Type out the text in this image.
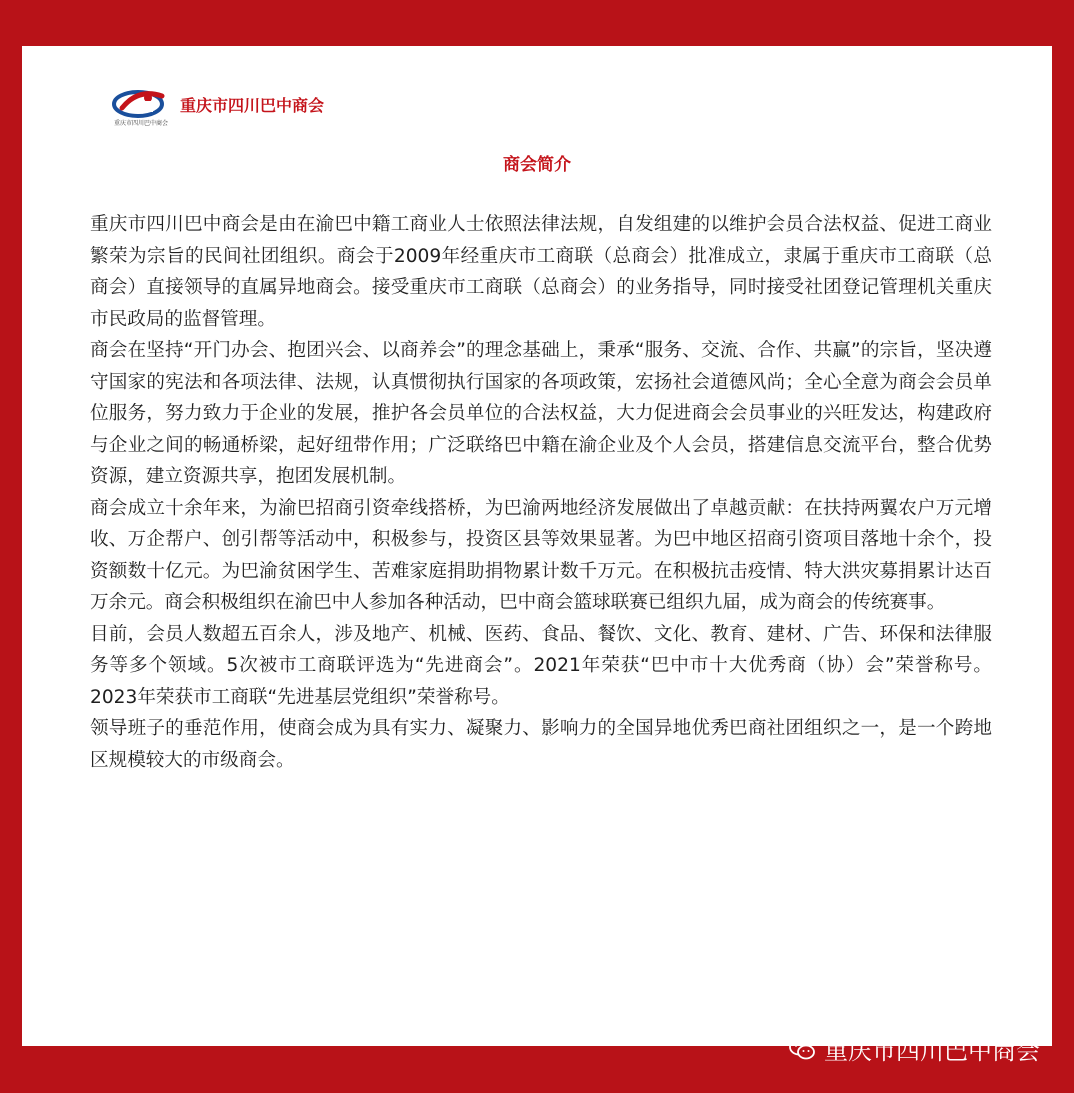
重庆市四川巴中商会
重庆市四川巴中商会
商会简介

重庆市四川巴中商会是由在渝巴中籍工商业人士依照法律法规，自发组建的以维护会员合法权益、促进工商业繁荣为宗旨的民间社团组织。商会于2009年经重庆市工商联（总商会）批准成立，隶属于重庆市工商联（总商会）直接领导的直属异地商会。接受重庆市工商联（总商会）的业务指导，同时接受社团登记管理机关重庆市民政局的监督管理。

商会在坚持“开门办会、抱团兴会、以商养会”的理念基础上，秉承“服务、交流、合作、共赢”的宗旨，坚决遵守国家的宪法和各项法律、法规，认真惯彻执行国家的各项政策，宏扬社会道德风尚；全心全意为商会会员单位服务，努力致力于企业的发展，推护各会员单位的合法权益，大力促进商会会员事业的兴旺发达，构建政府与企业之间的畅通桥梁，起好纽带作用；广泛联络巴中籍在渝企业及个人会员，搭建信息交流平台，整合优势资源，建立资源共享，抱团发展机制。

商会成立十余年来，为渝巴招商引资牵线搭桥，为巴渝两地经济发展做出了卓越贡献：在扶持两翼农户万元增收、万企帮户、创引帮等活动中，积极参与，投资区县等效果显著。为巴中地区招商引资项目落地十余个，投资额数十亿元。为巴渝贫困学生、苦难家庭捐助捐物累计数千万元。在积极抗击疫情、特大洪灾募捐累计达百万余元。商会积极组织在渝巴中人参加各种活动，巴中商会篮球联赛已组织九届，成为商会的传统赛事。

目前，会员人数超五百余人，涉及地产、机械、医药、食品、餐饮、文化、教育、建材、广告、环保和法律服务等多个领域。5次被市工商联评选为“先进商会”。2021年荣获“巴中市十大优秀商（协）会”荣誉称号。2023年荣获市工商联“先进基层党组织”荣誉称号。

领导班子的垂范作用，使商会成为具有实力、凝聚力、影响力的全国异地优秀巴商社团组织之一，是一个跨地区规模较大的市级商会。

重庆市四川巴中商会
